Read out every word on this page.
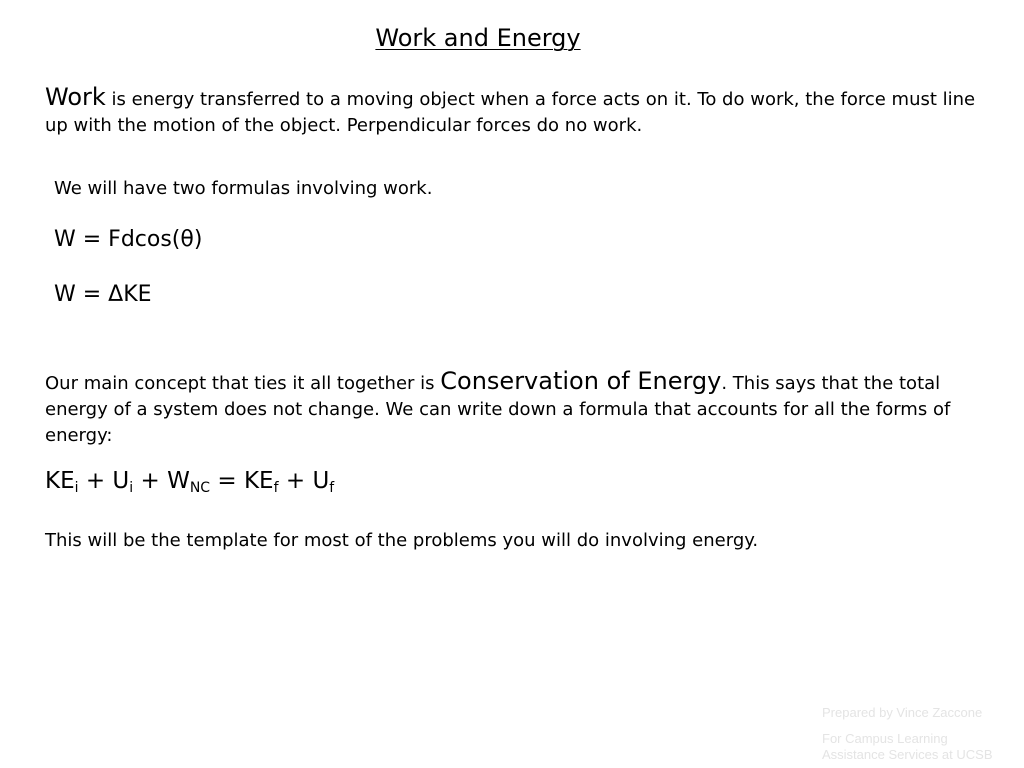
Work and Energy

Work is energy transferred to a moving object when a force acts on it. To do work, the force must line up with the motion of the object. Perpendicular forces do no work.

We will have two formulas involving work.

W = Fdcos(θ)

W = ΔKE

Our main concept that ties it all together is Conservation of Energy. This says that the total energy of a system does not change. We can write down a formula that accounts for all the forms of energy:

$KE_i + U_i + W_{NC} = KE_f + U_f$

This will be the template for most of the problems you will do involving energy.

Prepared by Vince Zaccone
For Campus Learning
Assistance Services at UCSB
